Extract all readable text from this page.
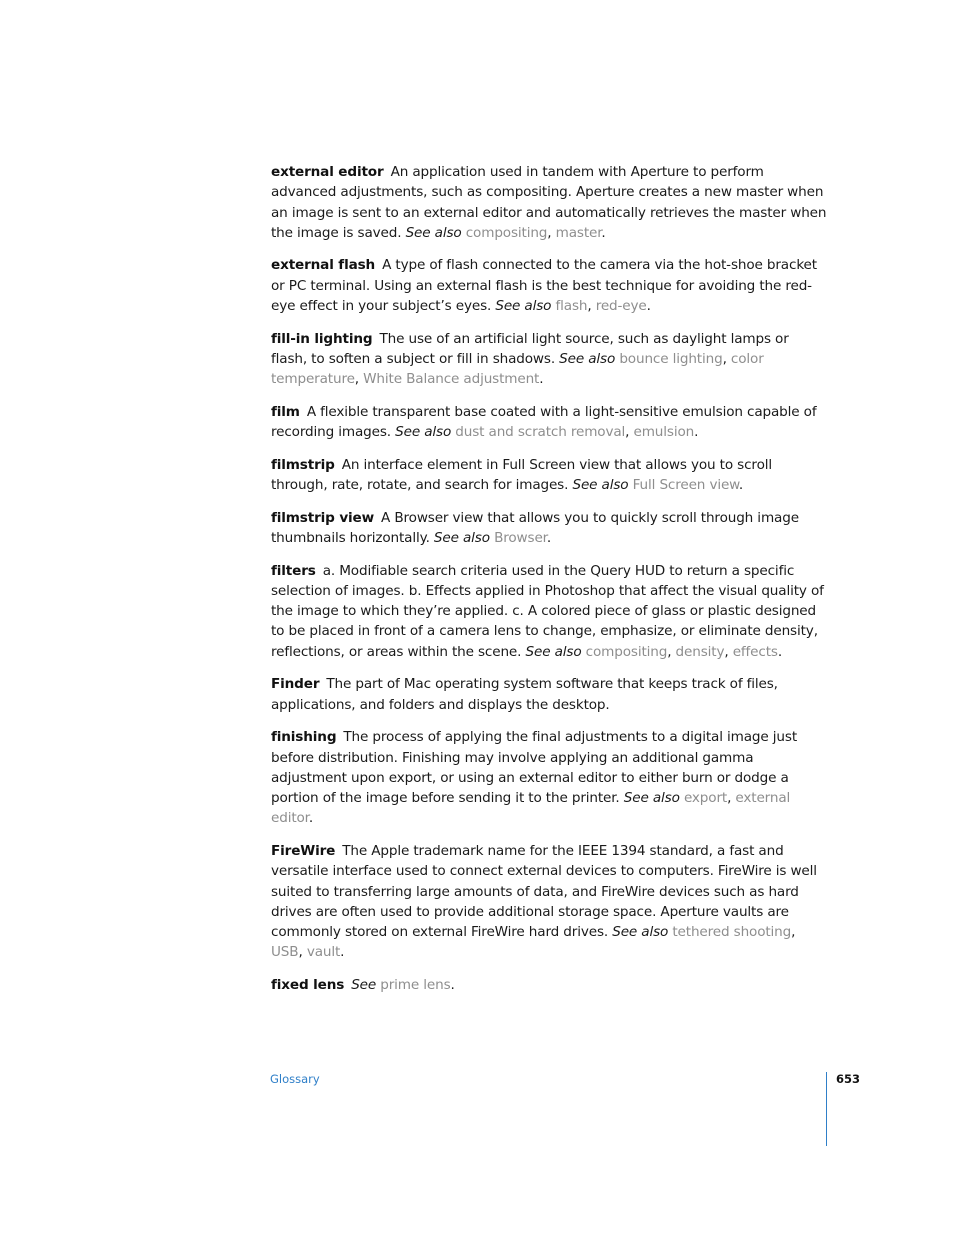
external editor An application used in tandem with Aperture to perform advanced adjustments, such as compositing. Aperture creates a new master when an image is sent to an external editor and automatically retrieves the master when the image is saved. See also compositing, master.

external flash A type of flash connected to the camera via the hot-shoe bracket or PC terminal. Using an external flash is the best technique for avoiding the red-eye effect in your subject’s eyes. See also flash, red-eye.

fill-in lighting The use of an artificial light source, such as daylight lamps or flash, to soften a subject or fill in shadows. See also bounce lighting, color temperature, White Balance adjustment.

film A flexible transparent base coated with a light-sensitive emulsion capable of recording images. See also dust and scratch removal, emulsion.

filmstrip An interface element in Full Screen view that allows you to scroll through, rate, rotate, and search for images. See also Full Screen view.

filmstrip view A Browser view that allows you to quickly scroll through image thumbnails horizontally. See also Browser.

filters a. Modifiable search criteria used in the Query HUD to return a specific selection of images. b. Effects applied in Photoshop that affect the visual quality of the image to which they’re applied. c. A colored piece of glass or plastic designed to be placed in front of a camera lens to change, emphasize, or eliminate density, reflections, or areas within the scene. See also compositing, density, effects.

Finder The part of Mac operating system software that keeps track of files, applications, and folders and displays the desktop.

finishing The process of applying the final adjustments to a digital image just before distribution. Finishing may involve applying an additional gamma adjustment upon export, or using an external editor to either burn or dodge a portion of the image before sending it to the printer. See also export, external editor.

FireWire The Apple trademark name for the IEEE 1394 standard, a fast and versatile interface used to connect external devices to computers. FireWire is well suited to transferring large amounts of data, and FireWire devices such as hard drives are often used to provide additional storage space. Aperture vaults are commonly stored on external FireWire hard drives. See also tethered shooting, USB, vault.

fixed lens See prime lens.

Glossary	653
